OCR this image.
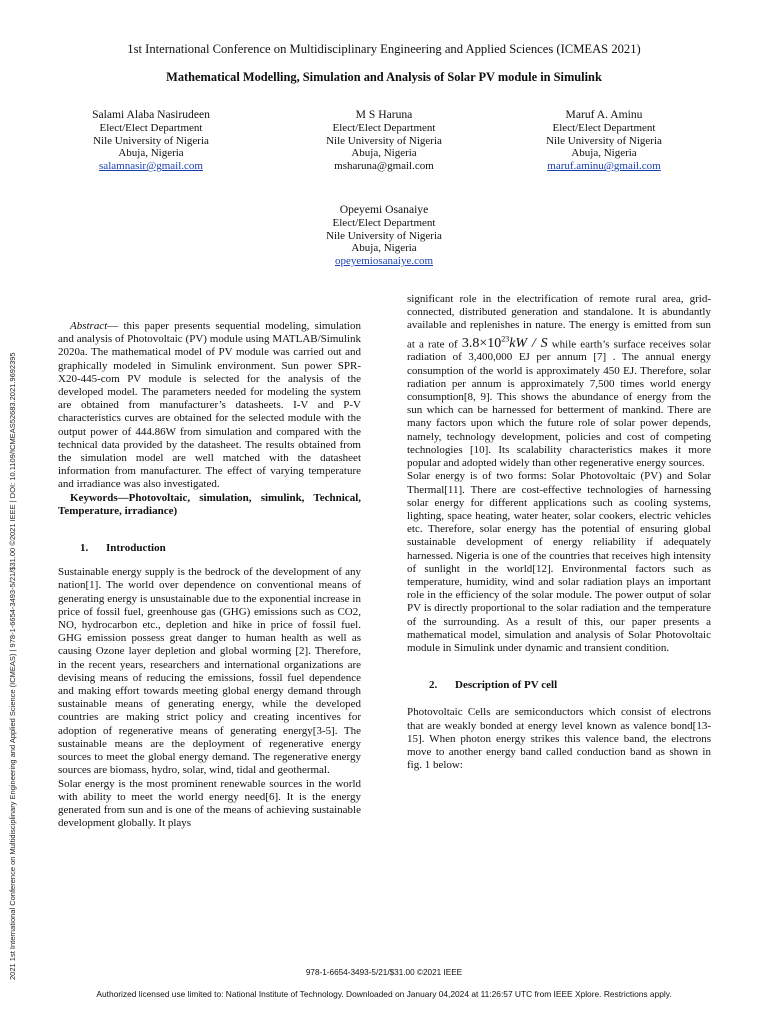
1st International Conference on Multidisciplinary Engineering and Applied Sciences (ICMEAS 2021)
Mathematical Modelling, Simulation and Analysis of Solar PV module in Simulink
2021 1st International Conference on Multidisciplinary Engineering and Applied Science (ICMEAS) | 978-1-6654-3493-5/21/$31.00 ©2021 IEEE | DOI: 10.1109/ICMEAS52683.2021.9692395
Salami Alaba Nasirudeen
Elect/Elect Department
Nile University of Nigeria
Abuja, Nigeria
salamnasir@gmail.com
M S Haruna
Elect/Elect Department
Nile University of Nigeria
Abuja, Nigeria
msharuna@gmail.com
Maruf A. Aminu
Elect/Elect Department
Nile University of Nigeria
Abuja, Nigeria
maruf.aminu@gmail.com
Opeyemi Osanaiye
Elect/Elect Department
Nile University of Nigeria
Abuja, Nigeria
opeyemiosanaiye.com

Abstract— this paper presents sequential modeling, simulation and analysis of Photovoltaic (PV) module using MATLAB/Simulink 2020a. The mathematical model of PV module was carried out and graphically modeled in Simulink environment. Sun power SPR-X20-445-com PV module is selected for the analysis of the developed model. The parameters needed for modeling the system are obtained from manufacturer’s datasheets. I-V and P-V characteristics curves are obtained for the selected module with the output power of 444.86W from simulation and compared with the technical data provided by the datasheet. The results obtained from the simulation model are well matched with the datasheet information from manufacturer. The effect of varying temperature and irradiance was also investigated.

Keywords—Photovoltaic, simulation, simulink, Technical, Temperature, irradiance)

1. Introduction

Sustainable energy supply is the bedrock of the development of any nation[1]. The world over dependence on conventional means of generating energy is unsustainable due to the exponential increase in price of fossil fuel, greenhouse gas (GHG) emissions such as CO2, NO, hydrocarbon etc., depletion and hike in price of fossil fuel. GHG emission possess great danger to human health as well as causing Ozone layer depletion and global worming [2]. Therefore, in the recent years, researchers and international organizations are devising means of reducing the emissions, fossil fuel dependence and making effort towards meeting global energy demand through sustainable means of generating energy, while the developed countries are making strict policy and creating incentives for adoption of regenerative means of generating energy[3-5]. The sustainable means are the deployment of regenerative energy sources to meet the global energy demand. The regenerative energy sources are biomass, hydro, solar, wind, tidal and geothermal.

Solar energy is the most prominent renewable sources in the world with ability to meet the world energy need[6]. It is the energy generated from sun and is one of the means of achieving sustainable development globally. It plays

significant role in the electrification of remote rural area, grid-connected, distributed generation and standalone. It is abundantly available and replenishes in nature. The energy is emitted from sun at a rate of $3.8\times 10^{23}kW / S$ while earth’s surface receives solar radiation of 3,400,000 EJ per annum [7] . The annual energy consumption of the world is approximately 450 EJ. Therefore, solar radiation per annum is approximately 7,500 times world energy consumption[8, 9]. This shows the abundance of energy from the sun which can be harnessed for betterment of mankind. There are many factors upon which the future role of solar power depends, namely, technology development, policies and cost of competing technologies [10]. Its scalability characteristics makes it more popular and adopted widely than other regenerative energy sources.

Solar energy is of two forms: Solar Photovoltaic (PV) and Solar Thermal[11]. There are cost-effective technologies of harnessing solar energy for different applications such as cooling systems, lighting, space heating, water heater, solar cookers, electric vehicles etc. Therefore, solar energy has the potential of ensuring global sustainable development of energy reliability if adequately harnessed. Nigeria is one of the countries that receives high intensity of sunlight in the world[12]. Environmental factors such as temperature, humidity, wind and solar radiation plays an important role in the efficiency of the solar module. The power output of solar PV is directly proportional to the solar radiation and the temperature of the surrounding. As a result of this, our paper presents a mathematical model, simulation and analysis of Solar Photovoltaic module in Simulink under dynamic and transient condition.

2. Description of PV cell

Photovoltaic Cells are semiconductors which consist of electrons that are weakly bonded at energy level known as valence bond[13-15]. When photon energy strikes this valence band, the electrons move to another energy band called conduction band as shown in fig. 1 below:

978-1-6654-3493-5/21/$31.00 ©2021 IEEE
Authorized licensed use limited to: National Institute of Technology. Downloaded on January 04,2024 at 11:26:57 UTC from IEEE Xplore. Restrictions apply.
